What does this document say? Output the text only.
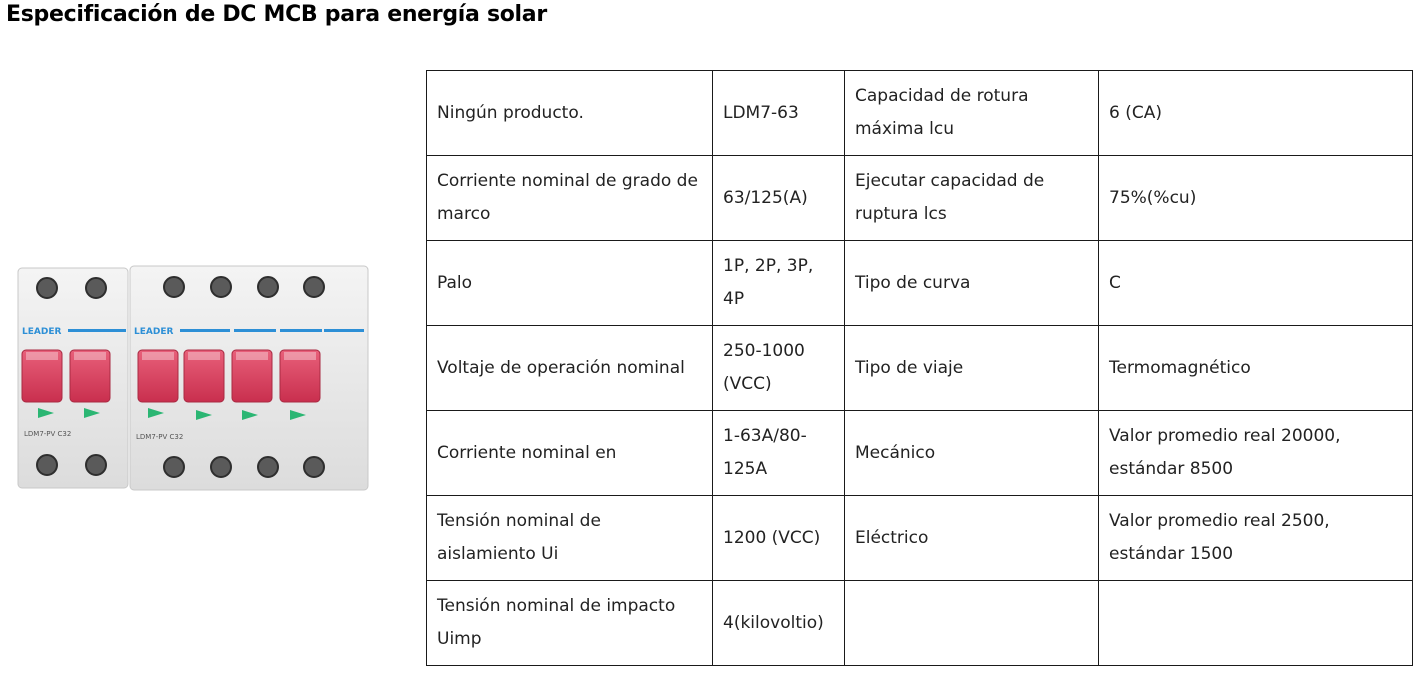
Especificación de DC MCB para energía solar
LEADER	LEADER
LDM7-PV C32	LDM7-PV C32
Ningún producto.	LDM7-63	Capacidad de rotura máxima lcu	6 (CA)
Corriente nominal de grado de marco	63/125(A)	Ejecutar capacidad de ruptura lcs	75%(%cu)
Palo	1P, 2P, 3P, 4P	Tipo de curva	C
Voltaje de operación nominal	250-1000 (VCC)	Tipo de viaje	Termomagnético
Corriente nominal en	1-63A/80-125A	Mecánico	Valor promedio real 20000, estándar 8500
Tensión nominal de aislamiento Ui	1200 (VCC)	Eléctrico	Valor promedio real 2500, estándar 1500
Tensión nominal de impacto Uimp	4(kilovoltio)		
